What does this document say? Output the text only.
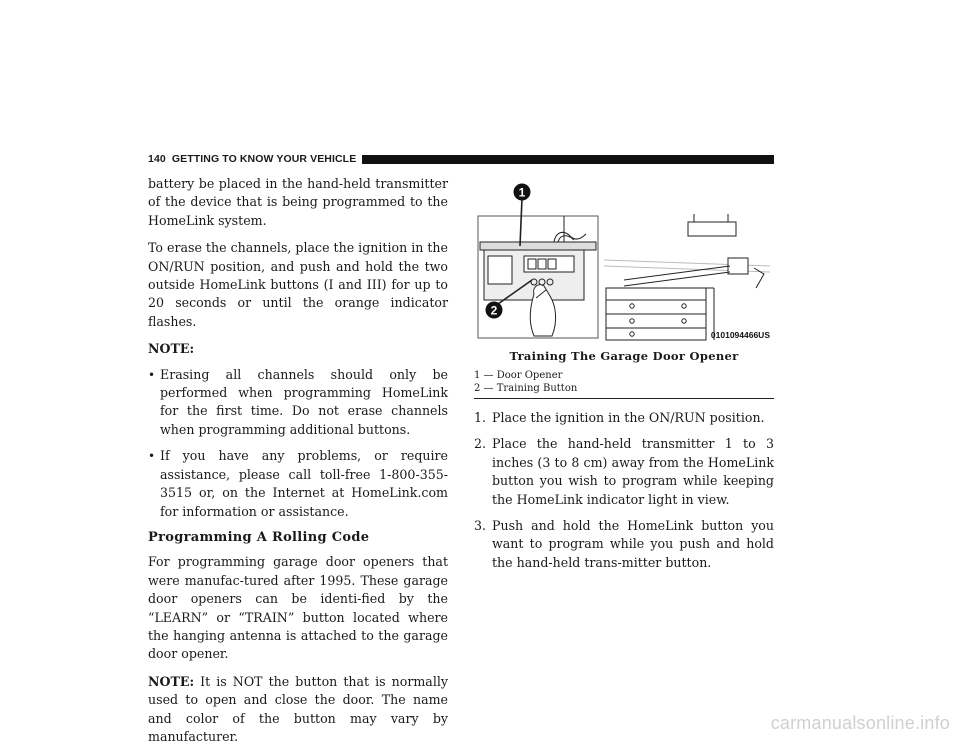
140 GETTING TO KNOW YOUR VEHICLE

battery be placed in the hand-held transmitter of the device that is being programmed to the HomeLink system.

To erase the channels, place the ignition in the ON/RUN position, and push and hold the two outside HomeLink buttons (I and III) for up to 20 seconds or until the orange indicator flashes.

NOTE:
• Erasing all channels should only be performed when programming HomeLink for the first time. Do not erase channels when programming additional buttons.
• If you have any problems, or require assistance, please call toll-free 1-800-355-3515 or, on the Internet at HomeLink.com for information or assistance.
Programming A Rolling Code

For programming garage door openers that were manufac-tured after 1995. These garage door openers can be identi-fied by the “LEARN” or “TRAIN” button located where the hanging antenna is attached to the garage door opener.

NOTE: It is NOT the button that is normally used to open and close the door. The name and color of the button may vary by manufacturer.

1
2
0101094466US
Training The Garage Door Opener
1 — Door Opener
2 — Training Button
1. Place the ignition in the ON/RUN position.
2. Place the hand-held transmitter 1 to 3 inches (3 to 8 cm) away from the HomeLink button you wish to program while keeping the HomeLink indicator light in view.
3. Push and hold the HomeLink button you want to program while you push and hold the hand-held trans-mitter button.
carmanualsonline.info
